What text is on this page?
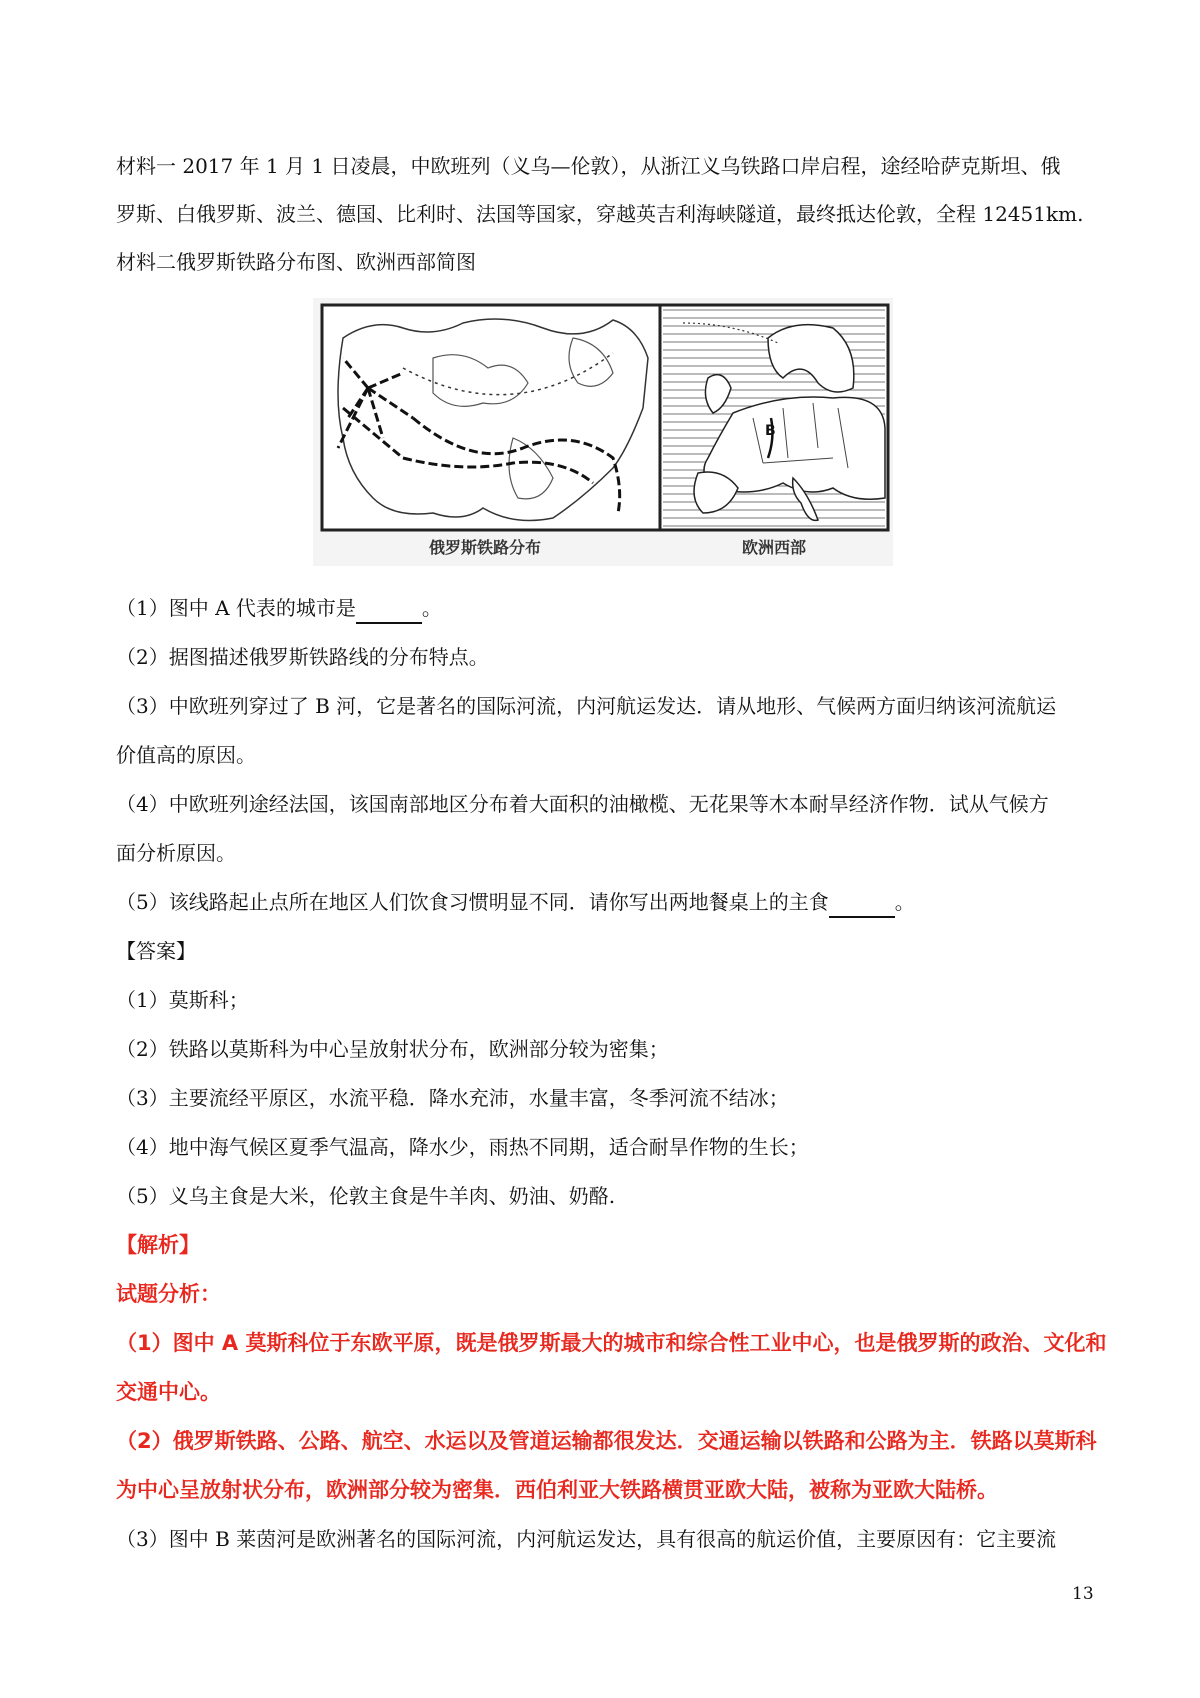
材料一 2017 年 1 月 1 日凌晨，中欧班列（义乌—伦敦），从浙江义乌铁路口岸启程，途经哈萨克斯坦、俄
罗斯、白俄罗斯、波兰、德国、比利时、法国等国家，穿越英吉利海峡隧道，最终抵达伦敦，全程 12451km.
材料二俄罗斯铁路分布图、欧洲西部简图
俄罗斯铁路分布
B
欧洲西部
（1）图中 A 代表的城市是	。
（2）据图描述俄罗斯铁路线的分布特点。
（3）中欧班列穿过了 B 河，它是著名的国际河流，内河航运发达．请从地形、气候两方面归纳该河流航运
价值高的原因。
（4）中欧班列途经法国，该国南部地区分布着大面积的油橄榄、无花果等木本耐旱经济作物．试从气候方
面分析原因。
（5）该线路起止点所在地区人们饮食习惯明显不同．请你写出两地餐桌上的主食	。
【答案】
（1）莫斯科；
（2）铁路以莫斯科为中心呈放射状分布，欧洲部分较为密集；
（3）主要流经平原区，水流平稳．降水充沛，水量丰富，冬季河流不结冰；
（4）地中海气候区夏季气温高，降水少，雨热不同期，适合耐旱作物的生长；
（5）义乌主食是大米，伦敦主食是牛羊肉、奶油、奶酪.
【解析】
试题分析：
（1）图中 A 莫斯科位于东欧平原，既是俄罗斯最大的城市和综合性工业中心，也是俄罗斯的政治、文化和
交通中心。
（2）俄罗斯铁路、公路、航空、水运以及管道运输都很发达．交通运输以铁路和公路为主．铁路以莫斯科
为中心呈放射状分布，欧洲部分较为密集．西伯利亚大铁路横贯亚欧大陆，被称为亚欧大陆桥。
（3）图中 B 莱茵河是欧洲著名的国际河流，内河航运发达，具有很高的航运价值，主要原因有：它主要流
13
